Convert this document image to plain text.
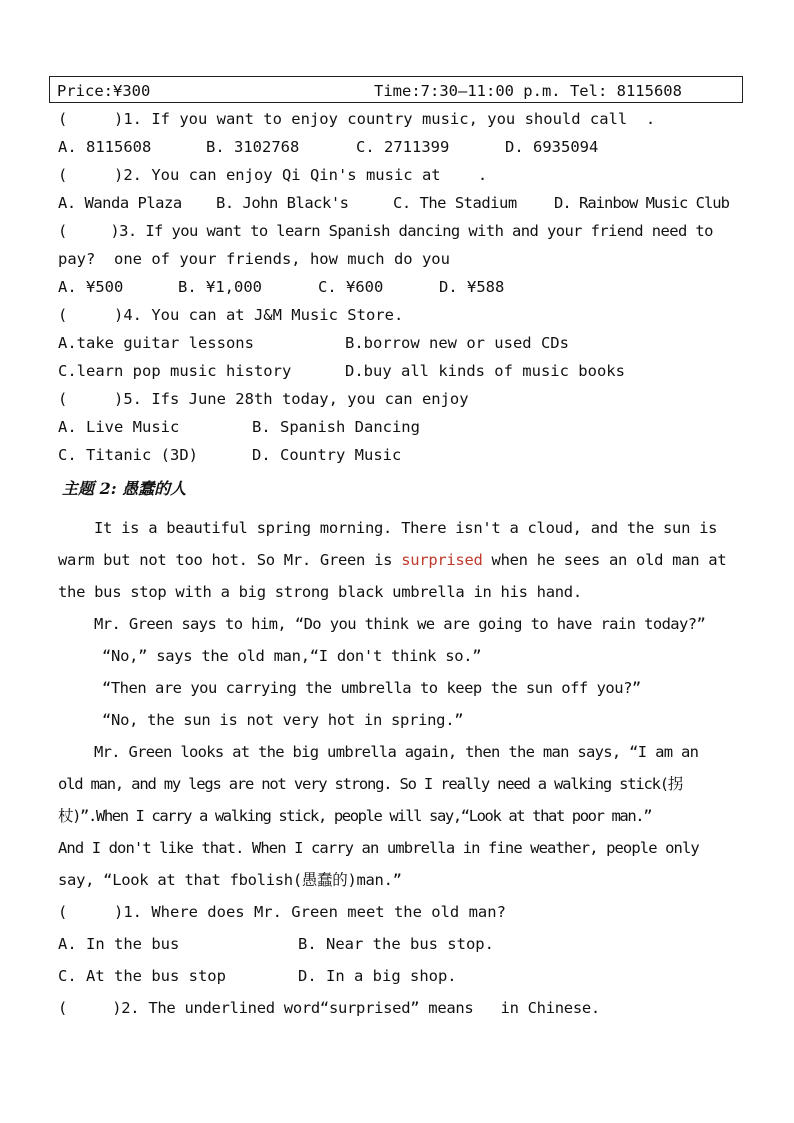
Price:¥300	Time:7:30—11:00 p.m. Tel: 8115608
(     )1. If you want to enjoy country music, you should call  .
A. 8115608	B. 3102768	C. 2711399	D. 6935094
(     )2. You can enjoy Qi Qin's music at    .
A. Wanda Plaza B. John Black's	C. The Stadium D. Rainbow Music Club
(     )3. If you want to learn Spanish dancing with and your friend need to
pay?  one of your friends, how much do you
A. ¥500	B. ¥1,000	C. ¥600	D. ¥588
(     )4. You can at J&M Music Store.
A.take guitar lessons	B.borrow new or used CDs
C.learn pop music history	D.buy all kinds of music books
(     )5. Ifs June 28th today, you can enjoy
A. Live Music	B. Spanish Dancing
C. Titanic (3D)	D. Country Music
主题 2: 愚蠢的人
It is a beautiful spring morning. There isn't a cloud, and the sun is
warm but not too hot. So Mr. Green is surprised when he sees an old man at
the bus stop with a big strong black umbrella in his hand.
Mr. Green says to him, “Do you think we are going to have rain today?”
“No,” says the old man,“I don't think so.”
“Then are you carrying the umbrella to keep the sun off you?”
“No, the sun is not very hot in spring.”
Mr. Green looks at the big umbrella again, then the man says, “I am an
old man, and my legs are not very strong. So I really need a walking stick(拐
杖)”.When I carry a walking stick, people will say,“Look at that poor man.”
And I don't like that. When I carry an umbrella in fine weather, people only
say, “Look at that fbolish(愚蠢的)man.”
(     )1. Where does Mr. Green meet the old man?
A. In the bus	B. Near the bus stop.
C. At the bus stop	D. In a big shop.
(     )2. The underlined word“surprised” means   in Chinese.
